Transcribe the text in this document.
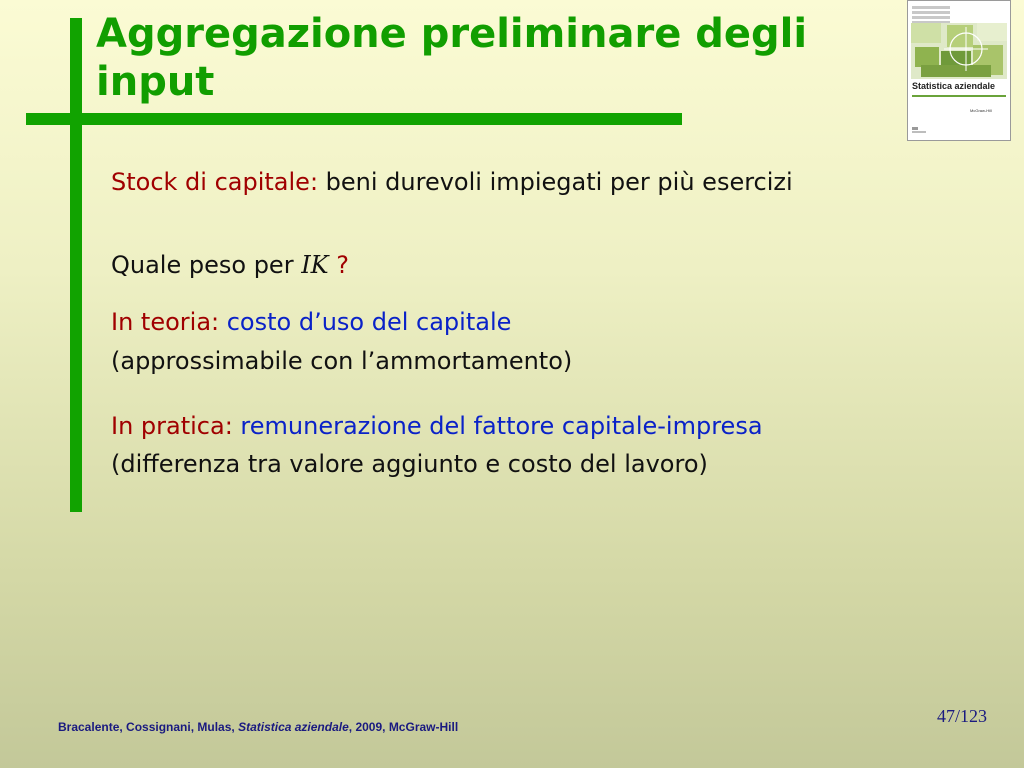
Aggregazione preliminare degli input	Statistica aziendale
McGraw-Hill
Stock di capitale: beni durevoli impiegati per più esercizi
Quale peso per IK ?
In teoria: costo d’uso del capitale
(approssimabile con l’ammortamento)
In pratica: remunerazione del fattore capitale-impresa
(differenza tra valore aggiunto e costo del lavoro)
Bracalente, Cossignani, Mulas, Statistica aziendale, 2009, McGraw-Hill
47/123
